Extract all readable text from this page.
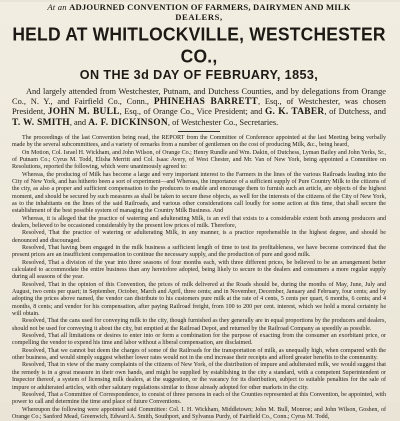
At an ADJOURNED CONVENTION OF FARMERS, DAIRYMEN AND MILK
DEALERS,
HELD AT WHITLOCKVILLE, WESTCHESTER CO.,
ON THE 3d DAY OF FEBRUARY, 1853,

And largely attended from Westchester, Putnam, and Dutchess Counties, and by delegations from Orange Co., N. Y., and Fairfield Co., Conn., PHINEHAS BARRETT, Esq., of Westchester, was chosen President, JOHN M. BULL, Esq., of Orange Co., Vice President; and G. K. TABER, of Dutchess, and T. W. SMITH, and A. F. DICKINSON, of Westchester Co., Secretaries.

The proceedings of the last Convention being read, the REPORT from the Committee of Conference appointed at the last Meeting being verbally made by the several subcommittees, and a variety of remarks from a number of gentlemen on the cost of producing Milk, &c., being heard,

On Motion, Col. Israel H. Wickham, and John Wilson, of Orange Co.; Henry Rundle and Wm. Dakin, of Dutchess, Lyman Bailey and John Yerks, Sr., of Putnam Co.; Cyrus M. Todd, Elisha Merritt and Col. Isaac Avery, of West Chester, and Mr. Van of New York, being appointed a Committee on Resolutions, reported the following, which were unanimously agreed to:

Whereas, the producing of Milk has become a large and very important interest to the Farmers in the lines of the various Railroads leading into the City of New York, and has hitherto been a sort of experiment—and Whereas, the importance of a sufficient supply of Pure Country Milk to the citizens of the city, as also a proper and sufficient compensation to the producers to enable and encourage them to furnish such an article, are objects of the highest moment, and should be secured by such measures as shall be taken to secure these objects, as well for the interests of the citizens of the City of New York, as to the inhabitants on the lines of the said Railroads, and various other considerations call loudly for some action at this time, that shall secure the establishment of the best possible system of managing the Country Milk Business. And

Whereas, it is alleged that the practice of watering and adulterating Milk, is an evil that exists to a considerable extent both among producers and dealers, believed to be occasioned considerably by the present low prices of milk. Therefore,

Resolved, That the practice of watering or adulterating Milk, in any manner, is a practice reprehensible in the highest degree, and should be denounced and discouraged.

Resolved, That having been engaged in the milk business a sufficient length of time to test its profitableness, we have become convinced that the present prices are an insufficient compensation to continue the necessary supply, and the production of pure and good milk.

Resolved, That a division of the year into three seasons of four months each, with three different prices, be believed to be an arrangement better calculated to accommodate the entire business than any heretofore adopted, being likely to secure to the dealers and consumers a more regular supply during all seasons of the year.

Resolved, That in the opinion of this Convention, the prices of milk delivered at the Roads should be, during the months of May, June, July and August, two cents per quart; in September, October, March and April, three cents; and in November, December, January and February, four cents; and by adopting the prices above named, the vendor can distribute to his customers pure milk at the rate of 4 cents, 5 cents per quart, 6 months, 6 cents; and 4 months, 8 cents; and vendor for his compensation, after paying Railroad freight, from 100 to 200 per cent. interest, which we hold a moral certainty he will obtain.

Resolved, That the cans used for conveying milk to the city, though furnished as they generally are in equal proportions by the producers and dealers, should not be used for conveying it about the city, but emptied at the Railroad Depot, and returned by the Railroad Company as speedily as possible.

Resolved, That all limitations or desires to enter into or form a combination for the purpose of exacting from the consumer an exorbitant price, or compelling the vendor to expend his time and labor without a liberal compensation, are disclaimed.

Resolved, That we cannot but deem the charges of some of the Railroads for the transportation of milk, as unequally high, when compared with the other business, and would simply suggest whether lower rates would not in the end increase their receipts and afford greater benefits to the community.

Resolved, That in view of the many complaints of the citizens of New York, of the distribution of impure and adulterated milk, we would suggest that the remedy is in a great measure in their own hands, and might be supplied by establishing in the city a standard, with a competent Superintendent or Inspector thereof, a system of licensing milk dealers, at the suggestion, or the vacancy for its distribution, subject to suitable penalties for the sale of impure or adulterated articles, with other salutary regulations similar to those already adopted for other markets in the city.

Resolved, That a Committee of Correspondence, to consist of three persons in each of the Counties represented at this Convention, be appointed, with power to call and determine the time and place of future Conventions.

Whereupon the following were appointed said Committee: Col. I. H. Wickham, Middletown; John M. Bull, Monroe; and John Wilson, Goshen, of Orange Co.; Sanford Mead, Greenwich, Edward A. Smith, Southport, and Sylvanus Purdy, of Fairfield Co., Conn.; Cyrus M. Todd,
